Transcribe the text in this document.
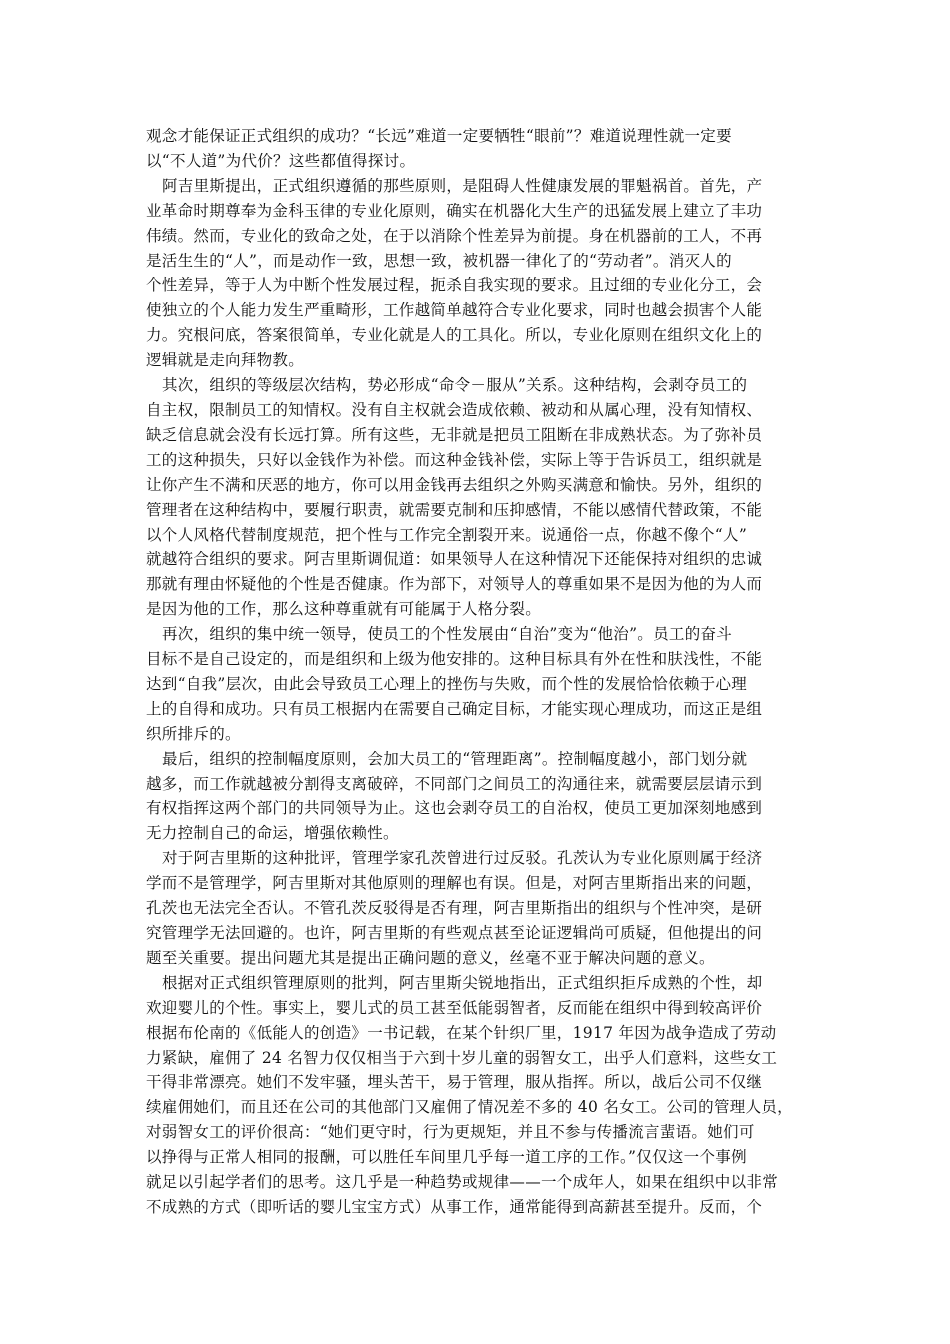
观念才能保证正式组织的成功？“长远”难道一定要牺牲“眼前”？难道说理性就一定要
以“不人道”为代价？这些都值得探讨。
阿吉里斯提出，正式组织遵循的那些原则，是阻碍人性健康发展的罪魁祸首。首先，产
业革命时期尊奉为金科玉律的专业化原则，确实在机器化大生产的迅猛发展上建立了丰功
伟绩。然而，专业化的致命之处，在于以消除个性差异为前提。身在机器前的工人，不再
是活生生的“人”，而是动作一致，思想一致，被机器一律化了的“劳动者”。消灭人的
个性差异，等于人为中断个性发展过程，扼杀自我实现的要求。且过细的专业化分工，会
使独立的个人能力发生严重畸形，工作越简单越符合专业化要求，同时也越会损害个人能
力。究根问底，答案很简单，专业化就是人的工具化。所以，专业化原则在组织文化上的
逻辑就是走向拜物教。
其次，组织的等级层次结构，势必形成“命令－服从”关系。这种结构，会剥夺员工的
自主权，限制员工的知情权。没有自主权就会造成依赖、被动和从属心理，没有知情权、
缺乏信息就会没有长远打算。所有这些，无非就是把员工阻断在非成熟状态。为了弥补员
工的这种损失，只好以金钱作为补偿。而这种金钱补偿，实际上等于告诉员工，组织就是
让你产生不满和厌恶的地方，你可以用金钱再去组织之外购买满意和愉快。另外，组织的
管理者在这种结构中，要履行职责，就需要克制和压抑感情，不能以感情代替政策，不能
以个人风格代替制度规范，把个性与工作完全割裂开来。说通俗一点，你越不像个“人”
就越符合组织的要求。阿吉里斯调侃道：如果领导人在这种情况下还能保持对组织的忠诚
那就有理由怀疑他的个性是否健康。作为部下，对领导人的尊重如果不是因为他的为人而
是因为他的工作，那么这种尊重就有可能属于人格分裂。
再次，组织的集中统一领导，使员工的个性发展由“自治”变为“他治”。员工的奋斗
目标不是自己设定的，而是组织和上级为他安排的。这种目标具有外在性和肤浅性，不能
达到“自我”层次，由此会导致员工心理上的挫伤与失败，而个性的发展恰恰依赖于心理
上的自得和成功。只有员工根据内在需要自己确定目标，才能实现心理成功，而这正是组
织所排斥的。
最后，组织的控制幅度原则，会加大员工的“管理距离”。控制幅度越小，部门划分就
越多，而工作就越被分割得支离破碎，不同部门之间员工的沟通往来，就需要层层请示到
有权指挥这两个部门的共同领导为止。这也会剥夺员工的自治权，使员工更加深刻地感到
无力控制自己的命运，增强依赖性。
对于阿吉里斯的这种批评，管理学家孔茨曾进行过反驳。孔茨认为专业化原则属于经济
学而不是管理学，阿吉里斯对其他原则的理解也有误。但是，对阿吉里斯指出来的问题，
孔茨也无法完全否认。不管孔茨反驳得是否有理，阿吉里斯指出的组织与个性冲突，是研
究管理学无法回避的。也许，阿吉里斯的有些观点甚至论证逻辑尚可质疑，但他提出的问
题至关重要。提出问题尤其是提出正确问题的意义，丝毫不亚于解决问题的意义。
根据对正式组织管理原则的批判，阿吉里斯尖锐地指出，正式组织拒斥成熟的个性，却
欢迎婴儿的个性。事实上，婴儿式的员工甚至低能弱智者，反而能在组织中得到较高评价
根据布伦南的《低能人的创造》一书记载，在某个针织厂里，1917 年因为战争造成了劳动
力紧缺，雇佣了 24 名智力仅仅相当于六到十岁儿童的弱智女工，出乎人们意料，这些女工
干得非常漂亮。她们不发牢骚，埋头苦干，易于管理，服从指挥。所以，战后公司不仅继
续雇佣她们，而且还在公司的其他部门又雇佣了情况差不多的 40 名女工。公司的管理人员，
对弱智女工的评价很高：“她们更守时，行为更规矩，并且不参与传播流言蜚语。她们可
以挣得与正常人相同的报酬，可以胜任车间里几乎每一道工序的工作。”仅仅这一个事例
就足以引起学者们的思考。这几乎是一种趋势或规律——一个成年人，如果在组织中以非常
不成熟的方式（即听话的婴儿宝宝方式）从事工作，通常能得到高薪甚至提升。反而，个
